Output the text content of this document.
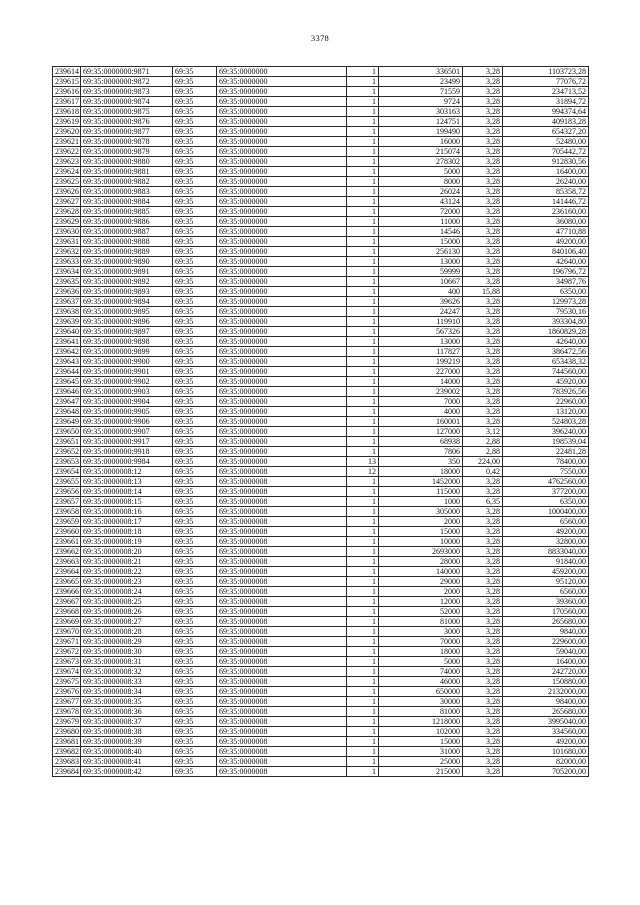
3378
239614	69:35:0000000:9871	69:35	69:35:0000000	1	336501	3,28	1103723,28
239615	69:35:0000000:9872	69:35	69:35:0000000	1	23499	3,28	77076,72
239616	69:35:0000000:9873	69:35	69:35:0000000	1	71559	3,28	234713,52
239617	69:35:0000000:9874	69:35	69:35:0000000	1	9724	3,28	31894,72
239618	69:35:0000000:9875	69:35	69:35:0000000	1	303163	3,28	994374,64
239619	69:35:0000000:9876	69:35	69:35:0000000	1	124751	3,28	409183,28
239620	69:35:0000000:9877	69:35	69:35:0000000	1	199490	3,28	654327,20
239621	69:35:0000000:9878	69:35	69:35:0000000	1	16000	3,28	52480,00
239622	69:35:0000000:9879	69:35	69:35:0000000	1	215074	3,28	705442,72
239623	69:35:0000000:9880	69:35	69:35:0000000	1	278302	3,28	912830,56
239624	69:35:0000000:9881	69:35	69:35:0000000	1	5000	3,28	16400,00
239625	69:35:0000000:9882	69:35	69:35:0000000	1	8000	3,28	26240,00
239626	69:35:0000000:9883	69:35	69:35:0000000	1	26024	3,28	85358,72
239627	69:35:0000000:9884	69:35	69:35:0000000	1	43124	3,28	141446,72
239628	69:35:0000000:9885	69:35	69:35:0000000	1	72000	3,28	236160,00
239629	69:35:0000000:9886	69:35	69:35:0000000	1	11000	3,28	36080,00
239630	69:35:0000000:9887	69:35	69:35:0000000	1	14546	3,28	47710,88
239631	69:35:0000000:9888	69:35	69:35:0000000	1	15000	3,28	49200,00
239632	69:35:0000000:9889	69:35	69:35:0000000	1	256130	3,28	840106,40
239633	69:35:0000000:9890	69:35	69:35:0000000	1	13000	3,28	42640,00
239634	69:35:0000000:9891	69:35	69:35:0000000	1	59999	3,28	196796,72
239635	69:35:0000000:9892	69:35	69:35:0000000	1	10667	3,28	34987,76
239636	69:35:0000000:9893	69:35	69:35:0000000	1	400	15,88	6350,00
239637	69:35:0000000:9894	69:35	69:35:0000000	1	39626	3,28	129973,28
239638	69:35:0000000:9895	69:35	69:35:0000000	1	24247	3,28	79530,16
239639	69:35:0000000:9896	69:35	69:35:0000000	1	119910	3,28	393304,80
239640	69:35:0000000:9897	69:35	69:35:0000000	1	567326	3,28	1860829,28
239641	69:35:0000000:9898	69:35	69:35:0000000	1	13000	3,28	42640,00
239642	69:35:0000000:9899	69:35	69:35:0000000	1	117827	3,28	386472,56
239643	69:35:0000000:9900	69:35	69:35:0000000	1	199219	3,28	653438,32
239644	69:35:0000000:9901	69:35	69:35:0000000	1	227000	3,28	744560,00
239645	69:35:0000000:9902	69:35	69:35:0000000	1	14000	3,28	45920,00
239646	69:35:0000000:9903	69:35	69:35:0000000	1	239002	3,28	783926,56
239647	69:35:0000000:9904	69:35	69:35:0000000	1	7000	3,28	22960,00
239648	69:35:0000000:9905	69:35	69:35:0000000	1	4000	3,28	13120,00
239649	69:35:0000000:9906	69:35	69:35:0000000	1	160001	3,28	524803,28
239650	69:35:0000000:9907	69:35	69:35:0000000	1	127000	3,12	396240,00
239651	69:35:0000000:9917	69:35	69:35:0000000	1	68938	2,88	198539,04
239652	69:35:0000000:9918	69:35	69:35:0000000	1	7806	2,88	22481,28
239653	69:35:0000000:9984	69:35	69:35:0000000	13	350	224,00	78400,00
239654	69:35:0000008:12	69:35	69:35:0000008	12	18000	0,42	7550,00
239655	69:35:0000008:13	69:35	69:35:0000008	1	1452000	3,28	4762560,00
239656	69:35:0000008:14	69:35	69:35:0000008	1	115000	3,28	377200,00
239657	69:35:0000008:15	69:35	69:35:0000008	1	1000	6,35	6350,00
239658	69:35:0000008:16	69:35	69:35:0000008	1	305000	3,28	1000400,00
239659	69:35:0000008:17	69:35	69:35:0000008	1	2000	3,28	6560,00
239660	69:35:0000008:18	69:35	69:35:0000008	1	15000	3,28	49200,00
239661	69:35:0000008:19	69:35	69:35:0000008	1	10000	3,28	32800,00
239662	69:35:0000008:20	69:35	69:35:0000008	1	2693000	3,28	8833040,00
239663	69:35:0000008:21	69:35	69:35:0000008	1	28000	3,28	91840,00
239664	69:35:0000008:22	69:35	69:35:0000008	1	140000	3,28	459200,00
239665	69:35:0000008:23	69:35	69:35:0000008	1	29000	3,28	95120,00
239666	69:35:0000008:24	69:35	69:35:0000008	1	2000	3,28	6560,00
239667	69:35:0000008:25	69:35	69:35:0000008	1	12000	3,28	39360,00
239668	69:35:0000008:26	69:35	69:35:0000008	1	52000	3,28	170560,00
239669	69:35:0000008:27	69:35	69:35:0000008	1	81000	3,28	265680,00
239670	69:35:0000008:28	69:35	69:35:0000008	1	3000	3,28	9840,00
239671	69:35:0000008:29	69:35	69:35:0000008	1	70000	3,28	229600,00
239672	69:35:0000008:30	69:35	69:35:0000008	1	18000	3,28	59040,00
239673	69:35:0000008:31	69:35	69:35:0000008	1	5000	3,28	16400,00
239674	69:35:0000008:32	69:35	69:35:0000008	1	74000	3,28	242720,00
239675	69:35:0000008:33	69:35	69:35:0000008	1	46000	3,28	150880,00
239676	69:35:0000008:34	69:35	69:35:0000008	1	650000	3,28	2132000,00
239677	69:35:0000008:35	69:35	69:35:0000008	1	30000	3,28	98400,00
239678	69:35:0000008:36	69:35	69:35:0000008	1	81000	3,28	265680,00
239679	69:35:0000008:37	69:35	69:35:0000008	1	1218000	3,28	3995040,00
239680	69:35:0000008:38	69:35	69:35:0000008	1	102000	3,28	334560,00
239681	69:35:0000008:39	69:35	69:35:0000008	1	15000	3,28	49200,00
239682	69:35:0000008:40	69:35	69:35:0000008	1	31000	3,28	101680,00
239683	69:35:0000008:41	69:35	69:35:0000008	1	25000	3,28	82000,00
239684	69:35:0000008:42	69:35	69:35:0000008	1	215000	3,28	705200,00
